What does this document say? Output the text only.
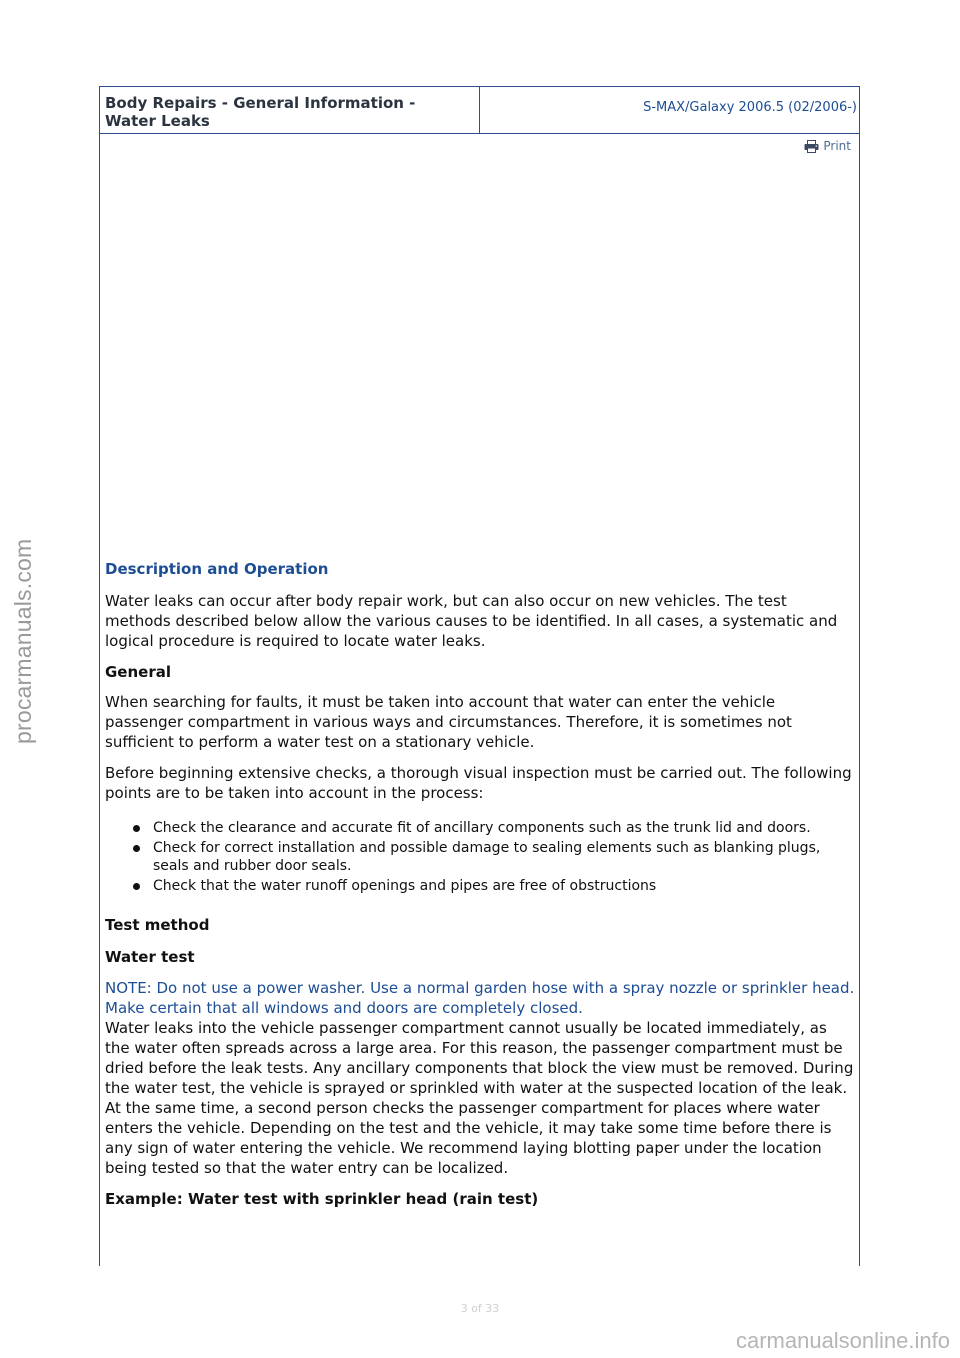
procarmanuals.com
Body Repairs - General Information -
Water Leaks
S-MAX/Galaxy 2006.5 (02/2006-)
Print
Description and Operation

Water leaks can occur after body repair work, but can also occur on new vehicles. The test methods described below allow the various causes to be identified. In all cases, a systematic and logical procedure is required to locate water leaks.

General

When searching for faults, it must be taken into account that water can enter the vehicle passenger compartment in various ways and circumstances. Therefore, it is sometimes not sufficient to perform a water test on a stationary vehicle.

Before beginning extensive checks, a thorough visual inspection must be carried out. The following points are to be taken into account in the process:

Check the clearance and accurate fit of ancillary components such as the trunk lid and doors.
Check for correct installation and possible damage to sealing elements such as blanking plugs, seals and rubber door seals.
Check that the water runoff openings and pipes are free of obstructions
Test method
Water test

NOTE: Do not use a power washer. Use a normal garden hose with a spray nozzle or sprinkler head. Make certain that all windows and doors are completely closed.

Water leaks into the vehicle passenger compartment cannot usually be located immediately, as the water often spreads across a large area. For this reason, the passenger compartment must be dried before the leak tests. Any ancillary components that block the view must be removed. During the water test, the vehicle is sprayed or sprinkled with water at the suspected location of the leak. At the same time, a second person checks the passenger compartment for places where water enters the vehicle. Depending on the test and the vehicle, it may take some time before there is any sign of water entering the vehicle. We recommend laying blotting paper under the location being tested so that the water entry can be localized.

Example: Water test with sprinkler head (rain test)
3 of 33
carmanualsonline.info
